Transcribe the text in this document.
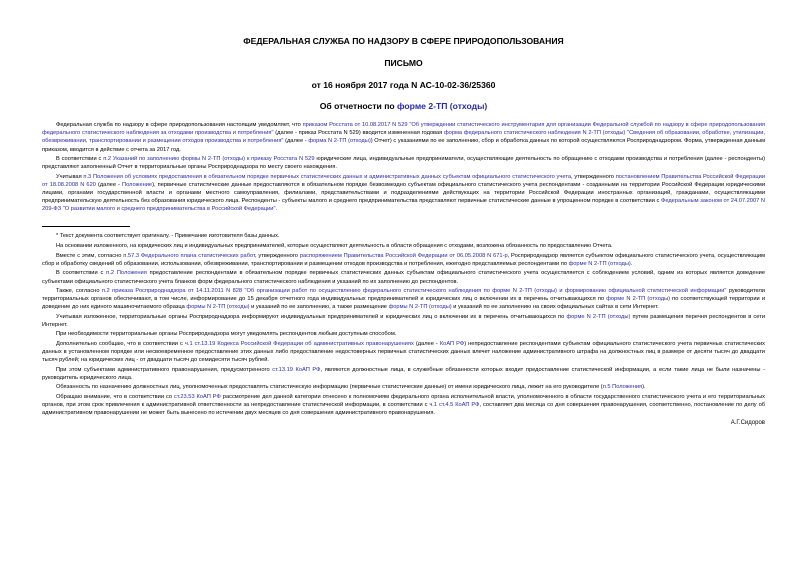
ФЕДЕРАЛЬНАЯ СЛУЖБА ПО НАДЗОРУ В СФЕРЕ ПРИРОДОПОЛЬЗОВАНИЯ
ПИСЬМО
от 16 ноября 2017 года N АС-10-02-36/25360
Об отчетности по форме 2-ТП (отходы)
Федеральная служба по надзору в сфере природопользования настоящим уведомляет, что приказом Росстата от 10.08.2017 N 529 "Об утверждении статистического инструментария для организации Федеральной службой по надзору в сфере природопользования федерального статистического наблюдения за отходами производства и потребления" (далее - приказ Росстата N 529) вводится измененная годовая форма федерального статистического наблюдения N 2-ТП (отходы) "Сведения об образовании, обработке, утилизации, обезвреживании, транспортировании и размещении отходов производства и потребления" (далее - форма N 2-ТП (отходы)) Отчет) с указаниями по ее заполнению, сбор и обработка данных по которой осуществляются Росприроднадзором. Форма, утвержденная данным приказом, вводится в действие с отчета за 2017 год.
В соответствии с п.2 Указаний по заполнению формы N 2-ТП (отходы) к приказу Росстата N 529 юридические лица, индивидуальные предприниматели, осуществляющие деятельность по обращению с отходами производства и потребления (далее - респонденты) представляют заполненный Отчет в территориальные органы Росприроднадзора по месту своего нахождения.
Учитывая п.3 Положения об условиях предоставления в обязательном порядке первичных статистических данных и административных данных субъектам официального статистического учета, утвержденного постановлением Правительства Российской Федерации от 18.08.2008 N 620 (далее - Положение), первичные статистические данные предоставляются в обязательном порядке безвозмездно субъектам официального статистического учета респондентами - созданными на территории Российской Федерации юридическими лицами, органами государственной власти и органами местного самоуправления, филиалами, представительствами и подразделениями действующих на территории Российской Федерации иностранных организаций, гражданами, осуществляющими предпринимательскую деятельность без образования юридического лица. Респонденты - субъекты малого и среднего предпринимательства представляют первичные статистические данные в упрощенном порядке в соответствии с Федеральным законом от 24.07.2007 N 209-ФЗ "О развитии малого и среднего предпринимательства в Российской Федерации".
* Текст документа соответствует оригиналу. - Примечание изготовителя базы данных.
На основании изложенного, на юридических лиц и индивидуальных предпринимателей, которые осуществляют деятельность в области обращения с отходами, возложена обязанность по предоставлению Отчета.
Вместе с этим, согласно п.57.3 Федерального плана статистических работ, утвержденного распоряжением Правительства Российской Федерации от 06.05.2008 N 671-р, Росприроднадзор является субъектом официального статистического учета, осуществляющим сбор и обработку сведений об образовании, использовании, обезвреживании, транспортировании и размещении отходов производства и потребления, ежегодно представляемых респондентами по форме N 2-ТП (отходы).
В соответствии с п.2 Положения предоставление респондентами в обязательном порядке первичных статистических данных субъектам официального статистического учета осуществляется с соблюдением условий, одним из которых является доведение субъектами официального статистического учета бланков форм федерального статистического наблюдения и указаний по их заполнению до респондентов.
Также, согласно п.2 приказа Росприроднадзора от 14.11.2011 N 828 "Об организации работ по осуществлению федерального статистического наблюдения по форме N 2-ТП (отходы) и формированию официальной статистической информации" руководители территориальных органов обеспечивают, в том числе, информирование до 15 декабря отчетного года индивидуальных предпринимателей и юридических лиц о включении их в перечень отчитывающихся по форме N 2-ТП (отходы) по соответствующей территории и доведение до них единого машиночитаемого образца формы N 2-ТП (отходы) и указаний по ее заполнению, а также размещение формы N 2-ТП (отходы) и указаний по ее заполнению на своих официальных сайтах в сети Интернет.
Учитывая изложенное, территориальные органы Росприроднадзора информируют индивидуальных предпринимателей и юридических лиц о включении их в перечень отчитывающихся по форме N 2-ТП (отходы) путем размещения перечня респондентов в сети Интернет.
При необходимости территориальные органы Росприроднадзора могут уведомлять респондентов любым доступным способом.
Дополнительно сообщаю, что в соответствии с ч.1 ст.13.19 Кодекса Российской Федерации об административных правонарушениях (далее - КоАП РФ) непредоставление респондентами субъектам официального статистического учета первичных статистических данных в установленном порядке или несвоевременное предоставление этих данных либо предоставление недостоверных первичных статистических данных влечет наложение административного штрафа на должностных лиц в размере от десяти тысяч до двадцати тысяч рублей; на юридических лиц - от двадцати тысяч до семидесяти тысяч рублей.
При этом субъектами административного правонарушения, предусмотренного ст.13.19 КоАП РФ, являются должностные лица, в служебные обязанности которых входит предоставление статистической информации, а если такие лица не были назначены - руководитель юридического лица.
Обязанность по назначению должностных лиц, уполномоченных предоставлять статистическую информацию (первичные статистические данные) от имени юридического лица, лежит на его руководителе (п.5 Положения).
Обращаю внимание, что в соответствии со ст.23.53 КоАП РФ рассмотрение дел данной категории отнесено к полномочиям федерального органа исполнительной власти, уполномоченного в области государственного статистического учета и его территориальных органов, при этом срок привлечения к административной ответственности за непредоставление статистической информации, в соответствии с ч.1 ст.4.5 КоАП РФ, составляет два месяца со дня совершения правонарушения, соответственно, постановление по делу об административном правонарушении не может быть вынесено по истечении двух месяцев со дня совершения административного правонарушения.
А.Г.Сидоров
